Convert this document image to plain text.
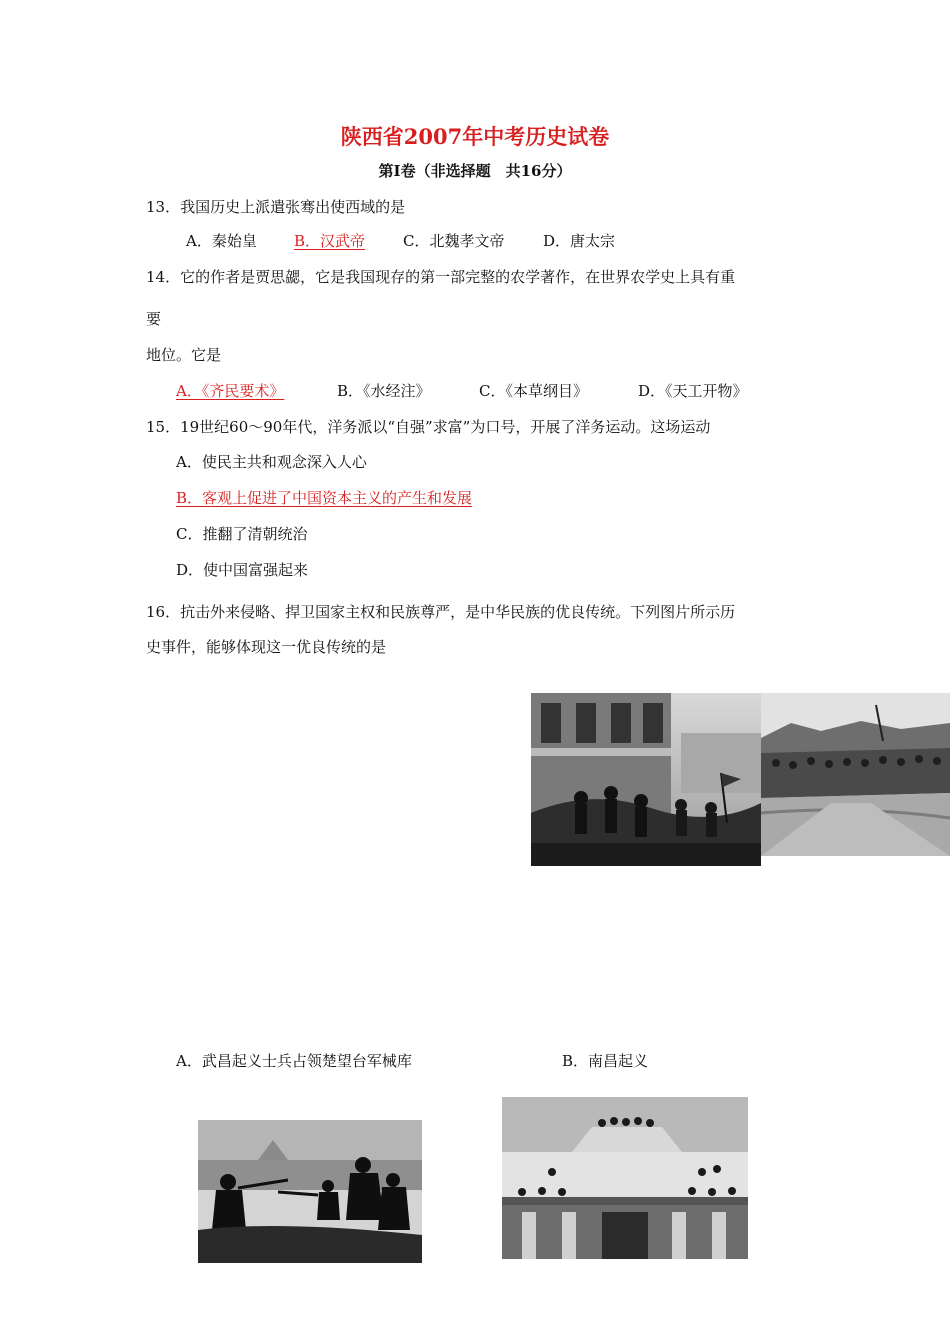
陕西省2007年中考历史试卷
第Ⅰ卷（非选择题　共16分）
13．我国历史上派遣张骞出使西域的是
A．秦始皇 B．汉武帝	C．北魏孝文帝	D．唐太宗
14．它的作者是贾思勰，它是我国现存的第一部完整的农学著作，在世界农学史上具有重
要
地位。它是
A．《齐民要术》	B．《水经注》	C．《本草纲目》	D．《天工开物》
15．19世纪60～90年代，洋务派以“自强”求富”为口号，开展了洋务运动。这场运动
A．使民主共和观念深入人心
B．客观上促进了中国资本主义的产生和发展
C．推翻了清朝统治
D．使中国富强起来
16．抗击外来侵略、捍卫国家主权和民族尊严，是中华民族的优良传统。下列图片所示历
史事件，能够体现这一优良传统的是
A．武昌起义士兵占领楚望台军械库	B．南昌起义
